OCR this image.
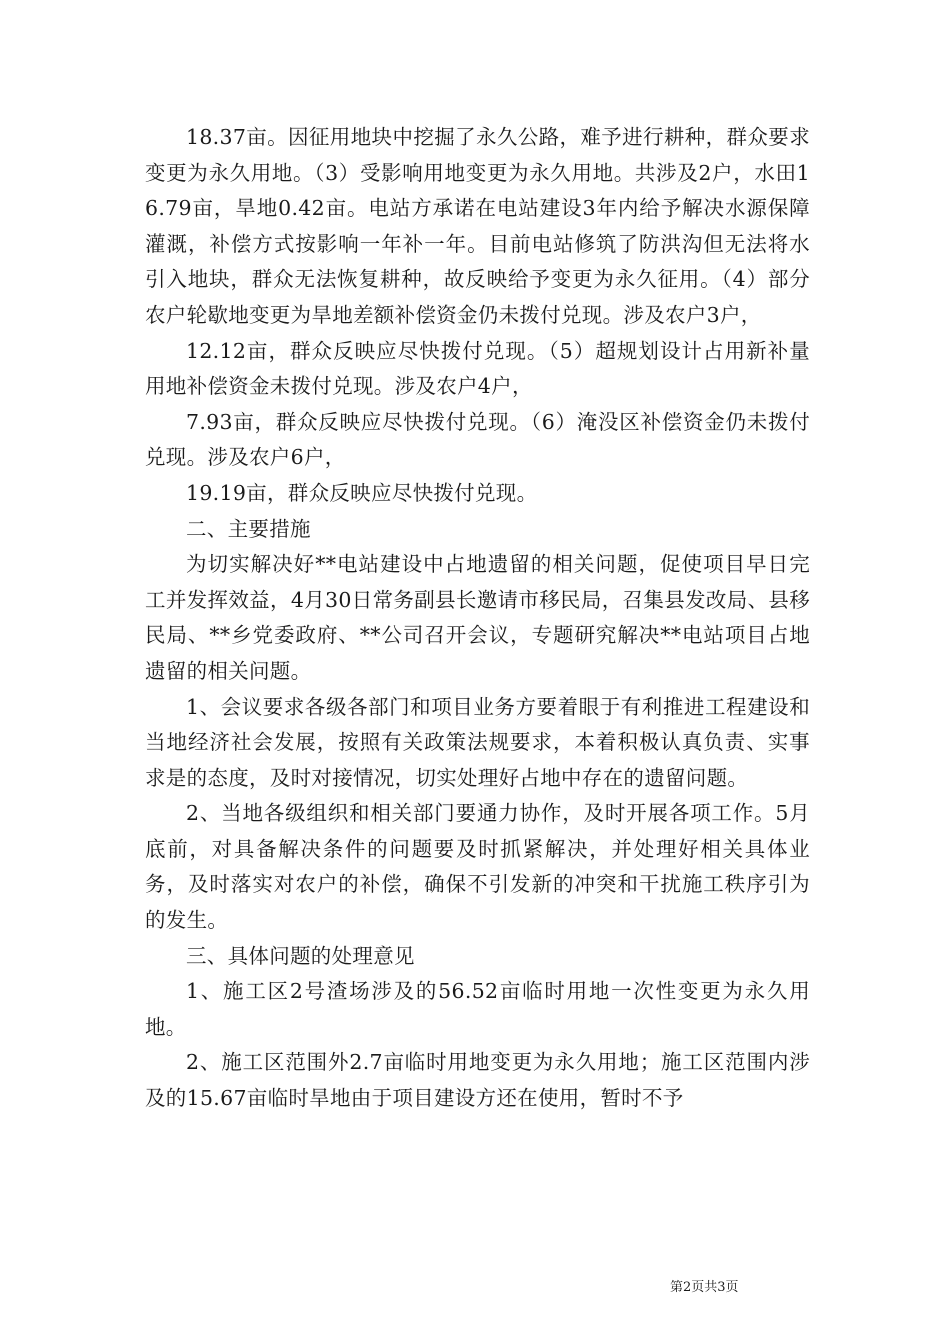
18.37亩。因征用地块中挖掘了永久公路，难予进行耕种，群众要求变更为永久用地。（3）受影响用地变更为永久用地。共涉及2户，水田16.79亩，旱地0.42亩。电站方承诺在电站建设3年内给予解决水源保障灌溉，补偿方式按影响一年补一年。目前电站修筑了防洪沟但无法将水引入地块，群众无法恢复耕种，故反映给予变更为永久征用。（4）部分农户轮歇地变更为旱地差额补偿资金仍未拨付兑现。涉及农户3户，

12.12亩，群众反映应尽快拨付兑现。（5）超规划设计占用新补量用地补偿资金未拨付兑现。涉及农户4户，

7.93亩，群众反映应尽快拨付兑现。（6）淹没区补偿资金仍未拨付兑现。涉及农户6户，

19.19亩，群众反映应尽快拨付兑现。

二、主要措施

为切实解决好**电站建设中占地遗留的相关问题，促使项目早日完工并发挥效益，4月30日常务副县长邀请市移民局，召集县发改局、县移民局、**乡党委政府、**公司召开会议，专题研究解决**电站项目占地遗留的相关问题。

1、会议要求各级各部门和项目业务方要着眼于有利推进工程建设和当地经济社会发展，按照有关政策法规要求，本着积极认真负责、实事求是的态度，及时对接情况，切实处理好占地中存在的遗留问题。

2、当地各级组织和相关部门要通力协作，及时开展各项工作。5月底前，对具备解决条件的问题要及时抓紧解决，并处理好相关具体业务，及时落实对农户的补偿，确保不引发新的冲突和干扰施工秩序引为的发生。

三、具体问题的处理意见

1、施工区2号渣场涉及的56.52亩临时用地一次性变更为永久用地。

2、施工区范围外2.7亩临时用地变更为永久用地；施工区范围内涉及的15.67亩临时旱地由于项目建设方还在使用，暂时不予

第2页共3页
